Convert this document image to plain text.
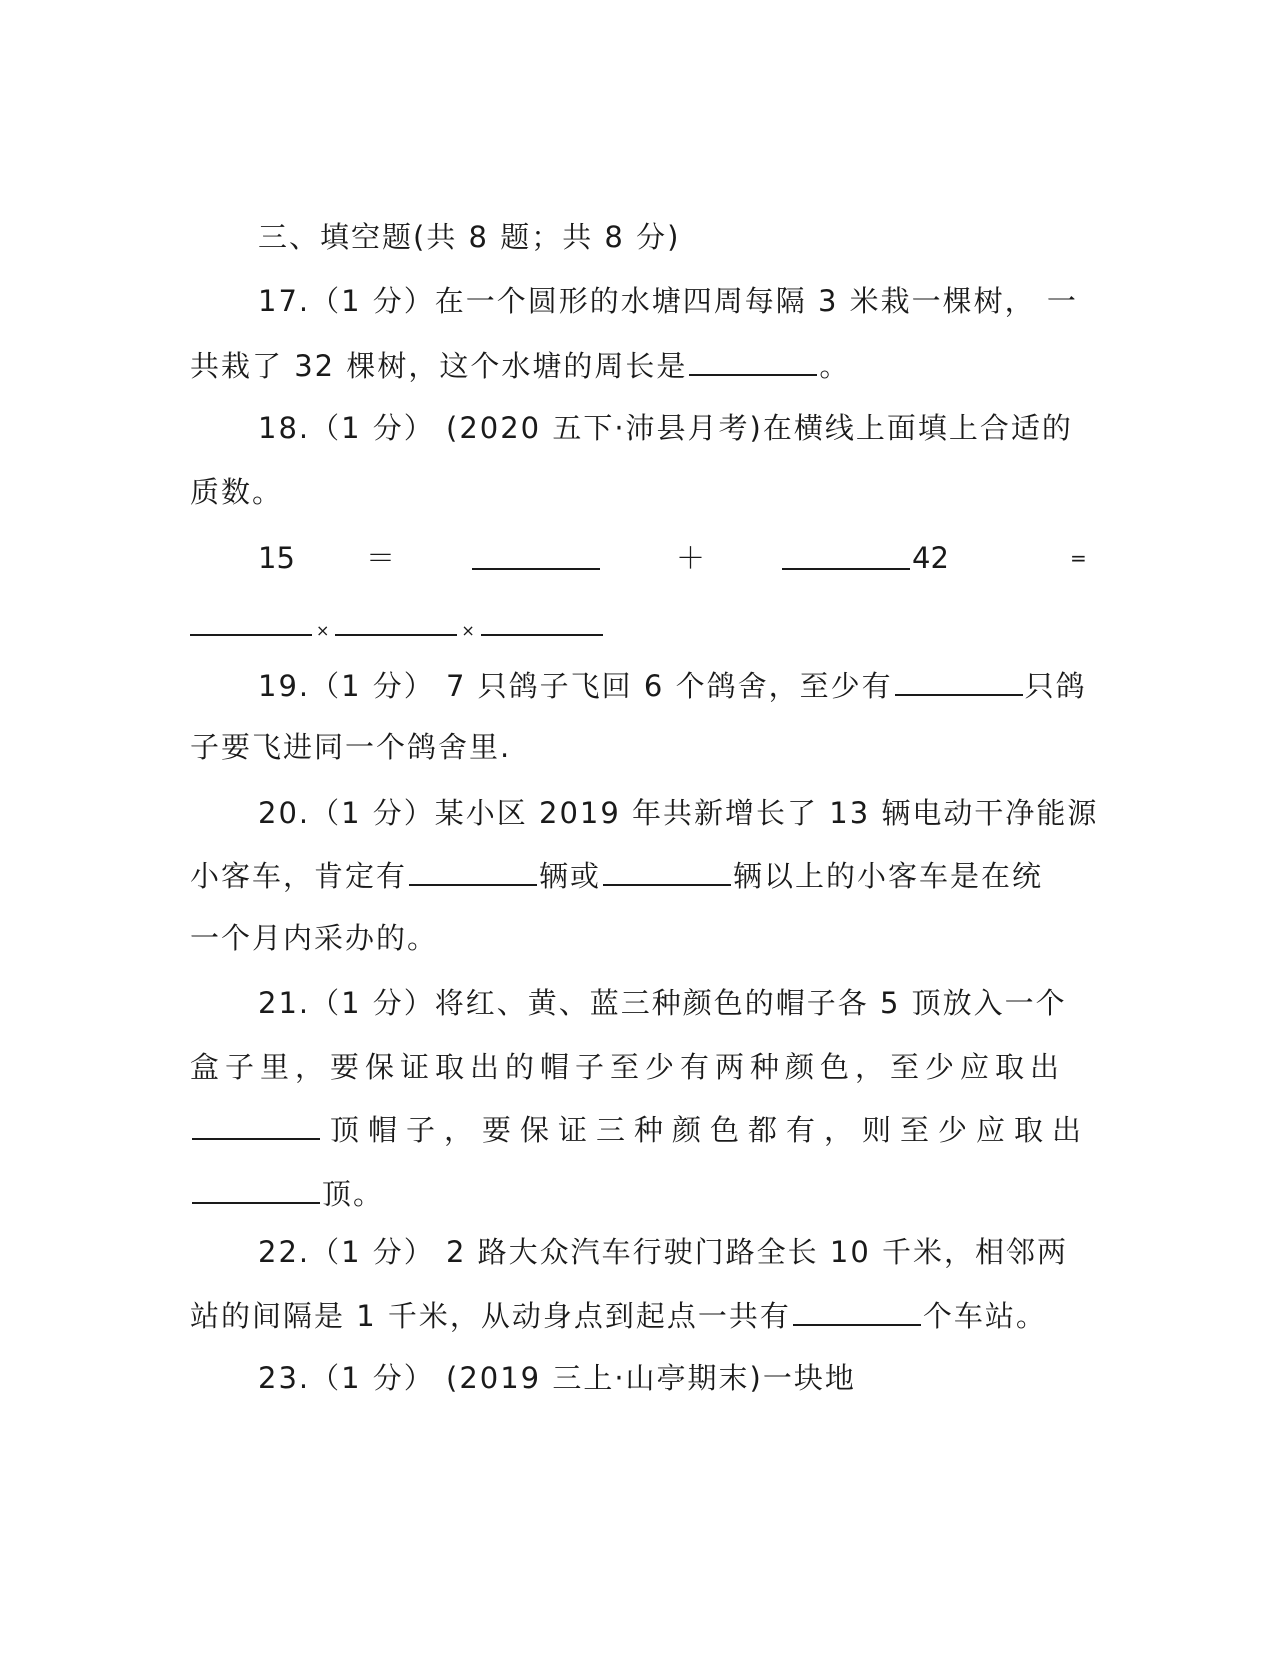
三、填空题(共 8 题；共 8 分)
17.（1 分）在一个圆形的水塘四周每隔 3 米栽一棵树， 一
共栽了 32 棵树，这个水塘的周长是	。
18.（1 分） (2020 五下·沛县月考)在横线上面填上合适的
质数。
15 ＝	＋	42	=
×	×
19.（1 分） 7 只鸽子飞回 6 个鸽舍，至少有	只鸽
子要飞进同一个鸽舍里.
20.（1 分）某小区 2019 年共新增长了 13 辆电动干净能源
小客车，肯定有	辆或	辆以上的小客车是在统
一个月内采办的。
21.（1 分）将红、黄、蓝三种颜色的帽子各 5 顶放入一个
盒子里，要保证取出的帽子至少有两种颜色，至少应取出
顶帽子，要保证三种颜色都有，则至少应取出
顶。
22.（1 分） 2 路大众汽车行驶门路全长 10 千米，相邻两
站的间隔是 1 千米，从动身点到起点一共有	个车站。
23.（1 分） (2019 三上·山亭期末)一块地
